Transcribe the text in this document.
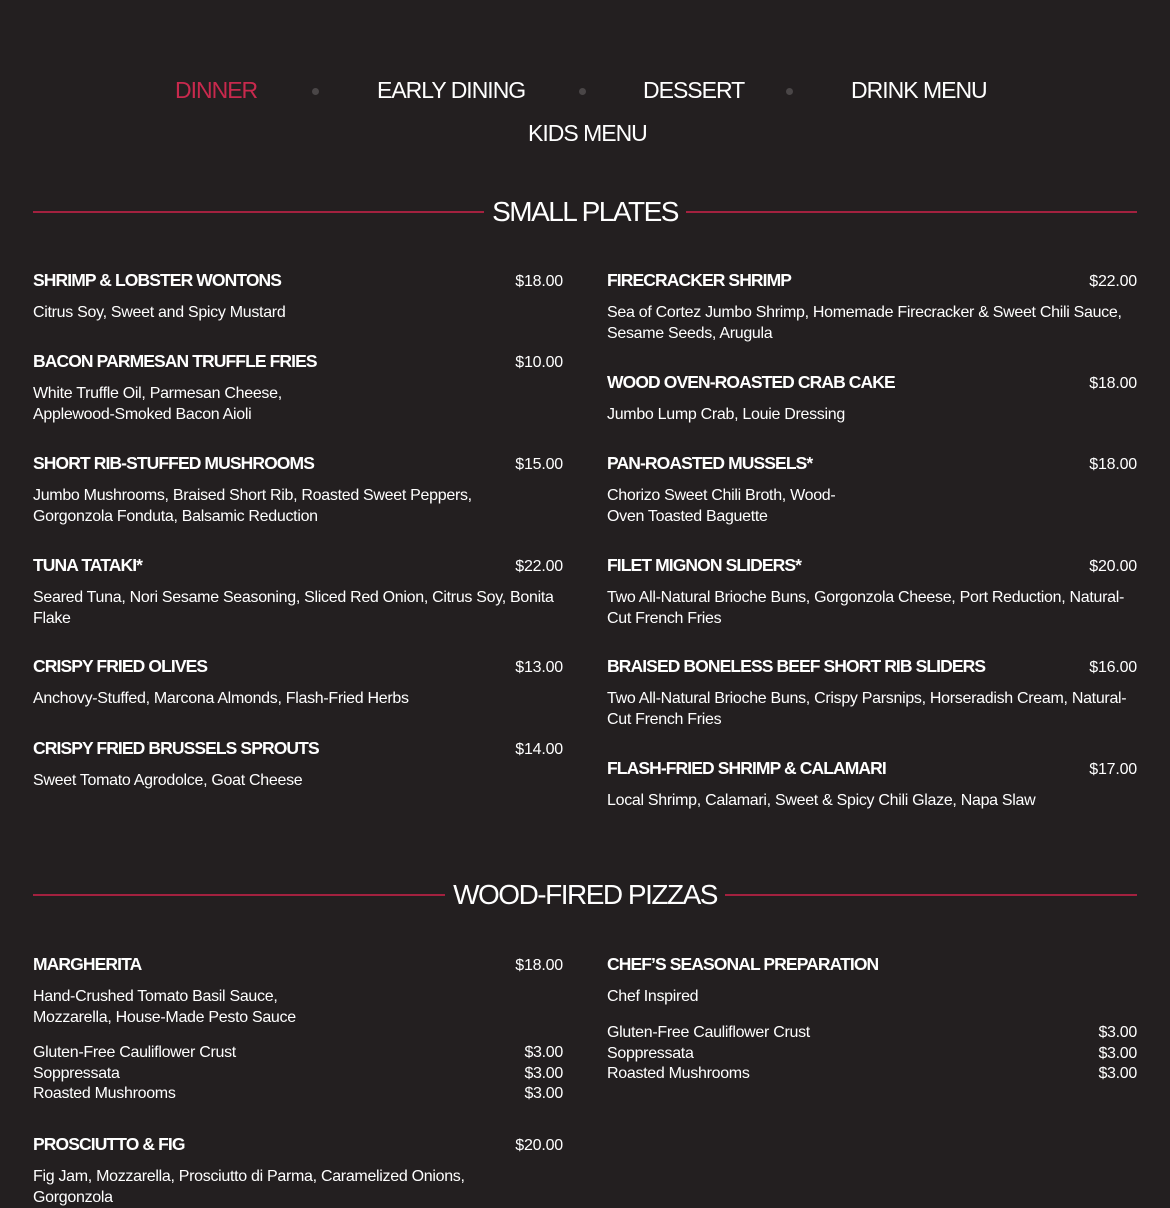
DINNER	EARLY DINING	DESSERT	DRINK MENU
KIDS MENU
SMALL PLATES
SHRIMP & LOBSTER WONTONS	$18.00
Citrus Soy, Sweet and Spicy Mustard
BACON PARMESAN TRUFFLE FRIES	$10.00
White Truffle Oil, Parmesan Cheese, Applewood-Smoked Bacon Aioli
SHORT RIB-STUFFED MUSHROOMS	$15.00
Jumbo Mushrooms, Braised Short Rib, Roasted Sweet Peppers, Gorgonzola Fonduta, Balsamic Reduction
TUNA TATAKI*	$22.00
Seared Tuna, Nori Sesame Seasoning, Sliced Red Onion, Citrus Soy, Bonita Flake
CRISPY FRIED OLIVES	$13.00
Anchovy-Stuffed, Marcona Almonds, Flash-Fried Herbs
CRISPY FRIED BRUSSELS SPROUTS	$14.00
Sweet Tomato Agrodolce, Goat Cheese
FIRECRACKER SHRIMP	$22.00
Sea of Cortez Jumbo Shrimp, Homemade Firecracker & Sweet Chili Sauce, Sesame Seeds, Arugula
WOOD OVEN-ROASTED CRAB CAKE	$18.00
Jumbo Lump Crab, Louie Dressing
PAN-ROASTED MUSSELS*	$18.00
Chorizo Sweet Chili Broth, Wood-Oven Toasted Baguette
FILET MIGNON SLIDERS*	$20.00
Two All-Natural Brioche Buns, Gorgonzola Cheese, Port Reduction, Natural-Cut French Fries
BRAISED BONELESS BEEF SHORT RIB SLIDERS	$16.00
Two All-Natural Brioche Buns, Crispy Parsnips, Horseradish Cream, Natural-Cut French Fries
FLASH-FRIED SHRIMP & CALAMARI	$17.00
Local Shrimp, Calamari, Sweet & Spicy Chili Glaze, Napa Slaw
WOOD-FIRED PIZZAS
MARGHERITA	$18.00
Hand-Crushed Tomato Basil Sauce, Mozzarella, House-Made Pesto Sauce
Gluten-Free Cauliflower Crust	$3.00
Soppressata	$3.00
Roasted Mushrooms	$3.00
PROSCIUTTO & FIG	$20.00
Fig Jam, Mozzarella, Prosciutto di Parma, Caramelized Onions, Gorgonzola
CHEF’S SEASONAL PREPARATION
Chef Inspired
Gluten-Free Cauliflower Crust	$3.00
Soppressata	$3.00
Roasted Mushrooms	$3.00
